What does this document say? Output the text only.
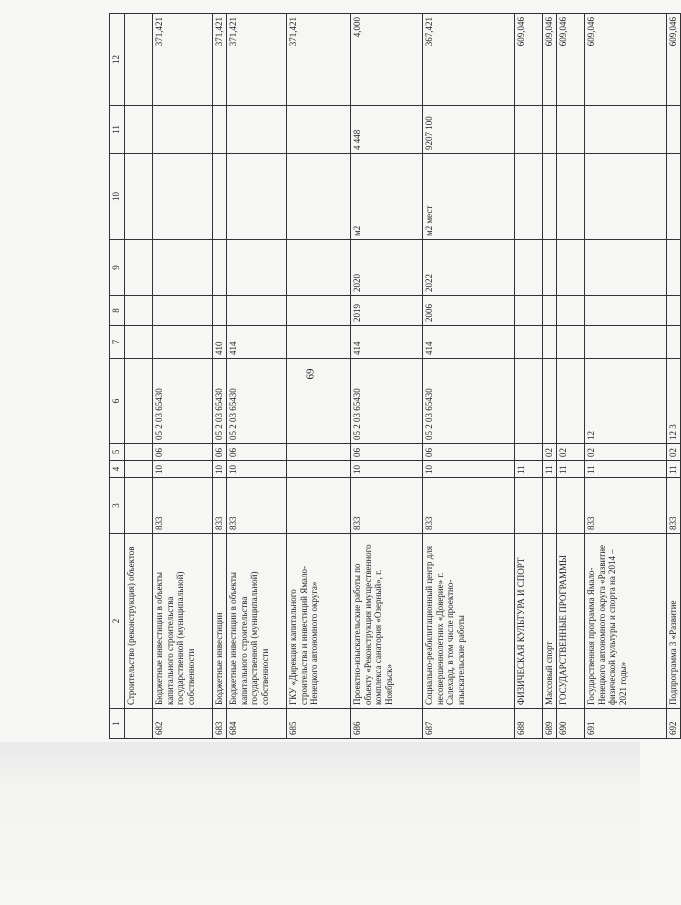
69
1	2	3	4	5	6	7	8	9	10	11	12
	Строительство (реконструкция) объектов										
682	Бюджетные инвестиции в объекты капитального строительства государственной (муниципальной) собственности	833	10	06	05 2 03 65430						371,421
683	Бюджетные инвестиции	833	10	06	05 2 03 65430	410					371,421
684	Бюджетные инвестиции в объекты капитального строительства государственной (муниципальной) собственности	833	10	06	05 2 03 65430	414					371,421
685	ГКУ «Дирекция капитального строительства и инвестиций Ямало-Ненецкого автономного округа»										371,421
686	Проектно-изыскательские работы по объекту «Реконструкция имущественного комплекса санатория «Озерный», г. Ноябрьск»	833	10	06	05 2 03 65430	414	2019	2020	м2	4 448	4,000
687	Социально-реабилитационный центр для несовершеннолетних «Доверие» г. Салехард, в том числе проектно-изыскательские работы	833	10	06	05 2 03 65430	414	2006	2022	м2 мест	9207 100	367,421
688	ФИЗИЧЕСКАЯ КУЛЬТУРА И СПОРТ		11								609,046
689	Массовый спорт		11	02							609,046
690	ГОСУДАРСТВЕННЫЕ ПРОГРАММЫ		11	02							609,046
691	Государственная программа Ямало-Ненецкого автономного округа «Развитие физической культуры и спорта на 2014 – 2021 годы»	833	11	02	12						609,046
692	Подпрограмма 3 «Развитие	833	11	02	12 3						609,046
